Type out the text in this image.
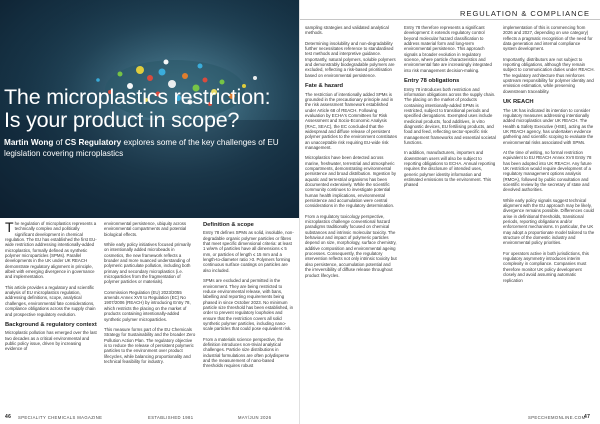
The microplastics restriction:
Is your product in scope?
Martin Wong of CS Regulatory explores some of the key challenges of EU legislation covering microplastics

The regulation of microplastics represents a technically complex and politically significant development in chemical regulation. The EU has established the first EU-wide restriction addressing intentionally-added microplastics, formally defined as synthetic polymer microparticles (SPMs). Parallel developments in the UK under UK REACH demonstrate regulatory alignment in principle, albeit with emerging divergence in governance and implementation.

This article provides a regulatory and scientific analysis of EU microplastics regulation, addressing definitions, scope, analytical challenges, environmental fate considerations, compliance obligations across the supply chain and prospective regulatory evolution.

Background & regulatory context

Microplastic pollution has emerged over the last two decades as a critical environmental and public policy issue, driven by increasing evidence of

environmental persistence, ubiquity across environmental compartments and potential biological effects.

While early policy initiatives focused primarily on intentionally added microbeads in cosmetics, the new framework reflects a broader and more nuanced understanding of polymeric particulate pollution, including both primary and secondary microplastics (i.e. microparticles from the fragmentation of polymer particles or materials).

Commission Regulation (EU) 2023/2055 amends Annex XVII to Regulation (EC) No 1907/2006 (REACH) by introducing Entry 78, which restricts the placing on the market of products containing intentionally-added synthetic polymer microparticles.

This measure forms part of the EU Chemicals Strategy for Sustainability and the broader Zero Pollution Action Plan. The regulatory objective is to reduce the release of persistent polymeric particles to the environment over product lifecycles, while balancing proportionality and technical feasibility for industry.

Definition & scope

Entry 78 defines SPMs as solid, insoluble, non-degradable organic polymer particles or fibres that meet specific dimensional criteria: at least 1 w/w% of particles have all dimensions ≤ 5 mm, or particles of length ≤ 15 mm and a length-to-diameter ratio >3. Polymers forming continuous surface coatings on particles are also included.

SPMs are excluded and permitted in the environment. They are being restricted to reduce environmental release, with bans, labelling and reporting requirements being phased in since October 2023. No minimum particle size threshold has been established, in order to prevent regulatory loopholes and ensure that the restriction covers all solid synthetic polymer particles, including nano-scale particles that could pose equivalent risk.

From a materials science perspective, the definition introduces non-trivial analytical challenges. Particle size distributions in industrial formulations are often polydisperse and the measurement of nano-based thresholds requires robust

46 SPECIALITY CHEMICALS MAGAZINE	ESTABLISHED 1981	MAY/JUN 2026
REGULATION & COMPLIANCE

sampling strategies and validated analytical methods.

Determining insolubility and non-degradability further necessitates reference to standardised test methods and interpretive guidance. Importantly, natural polymers, soluble polymers and demonstrably biodegradable polymers are excluded, reflecting a risk-based prioritisation based on environmental persistence.

Fate & hazard

The restriction of intentionally added SPMs is grounded in the precautionary principle and in the risk assessment framework established under Article 68 of REACH. Following evaluation by ECHA's Committees for Risk Assessment and Socio-Economic Analysis (RAC, SEAC), the EC concluded that the widespread and diffuse release of persistent polymer particles to the environment constitutes an unacceptable risk requiring EU-wide risk management.

Microplastics have been detected across marine, freshwater, terrestrial and atmospheric compartments, demonstrating environmental persistence and broad distribution. Ingestion by aquatic and terrestrial organisms has been documented extensively. While the scientific community continues to investigate potential human health implications, environmental persistence and accumulation were central considerations in the regulatory determination.

From a regulatory toxicology perspective, microplastics challenge conventional hazard paradigms traditionally focused on chemical substances and intrinsic molecular toxicity. The behaviour and impact of polymeric particles depend on size, morphology, surface chemistry, additive composition and environmental ageing processes. Consequently, the regulatory intervention reflects not only intrinsic toxicity but also persistence, accumulation potential and the irreversibility of diffuse release throughout product lifecycles.

Entry 78 therefore represents a significant development: it extends regulatory control beyond molecular hazard classification to address material form and long-term environmental persistence. This approach signals a broader evolution in regulatory science, where particle characteristics and environmental fate are increasingly integrated into risk management decision-making.

Entry 78 obligations

Entry 78 introduces both restriction and information obligations across the supply chain. The placing on the market of products containing intentionally-added SPMs is restricted, subject to transitional periods and specified derogations. Exempted uses include medicinal products, food additives, in vitro diagnostic devices, EU fertilising products, and food and feed, reflecting sector-specific risk management frameworks and essential societal functions.

In addition, manufacturers, importers and downstream users will also be subject to reporting obligations to ECHA. Annual reporting requires the disclosure of intended uses, generic polymer identity information and estimated emissions to the environment. This phased

implementation of this is commencing from 2026 and 2027, depending on use category) reflects a pragmatic recognition of the need for data generation and internal compliance system development.

Importantly, distributors are not subject to reporting obligations, although they remain subject to communication duties under REACH. The regulatory architecture thus reinforces upstream responsibility for polymer identity and emission estimation, while preserving downstream traceability.

UK REACH

The UK has indicated its intention to consider regulatory measures addressing intentionally added microplastics under UK REACH. The Health & Safety Executive (HSE), acting as the UK REACH agency, has undertaken evidence gathering and scientific scoping to evaluate the environmental risks associated with SPMs.

At the time of writing, no formal restriction equivalent to EU REACH Annex XVII Entry 78 has been adopted into UK REACH. Any future UK restriction would require development of a regulatory management options analysis (RMOA), followed by public consultation and scientific review by the secretary of state and devolved authorities.

While early policy signals suggest technical alignment with the EU approach may be likely, divergence remains possible. Differences could arise in definitional thresholds, transitional periods, reporting obligations and/or enforcement mechanisms. In particular, the UK may adopt a proportionate model tailored to the structure of the domestic industry and environmental policy priorities.

For operators active in both jurisdictions, this regulatory asymmetry introduces interim complexity in compliance. Companies must therefore monitor UK policy development closely and avoid assuming automatic replication

SPECCHEMONLINE.COM
47
